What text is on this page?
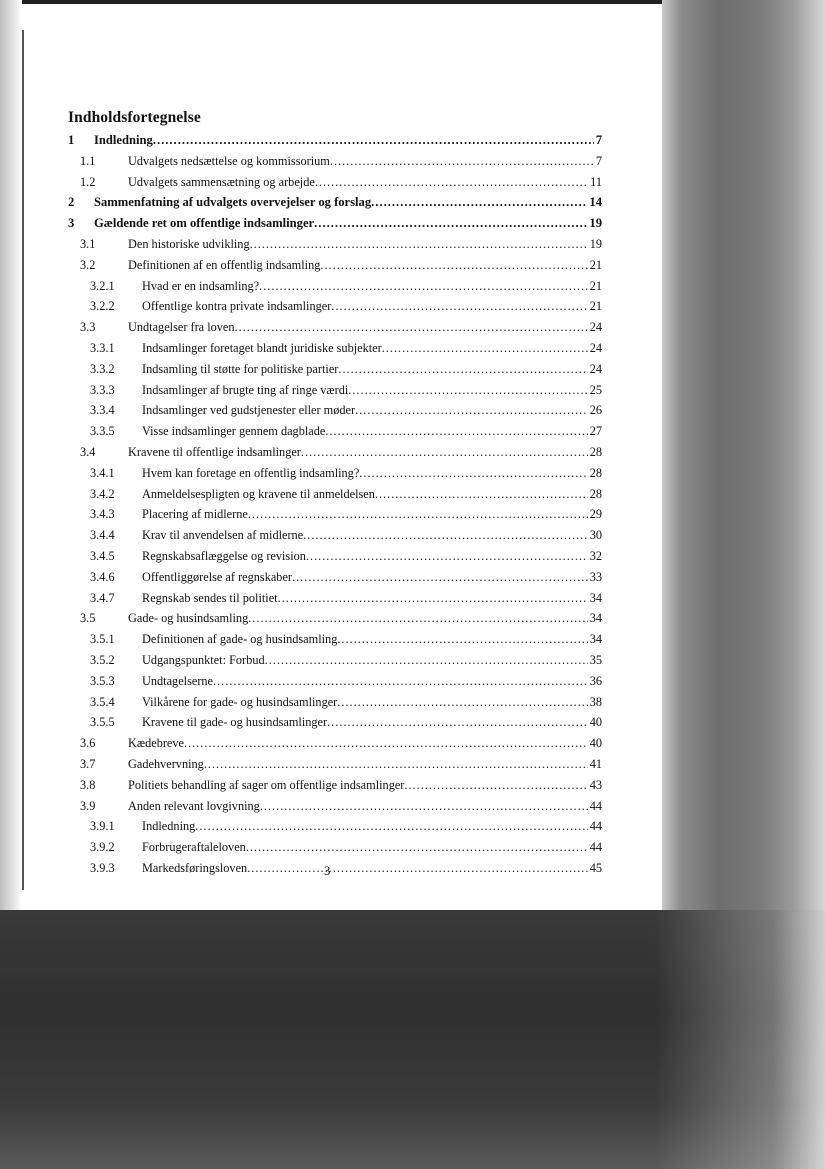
Indholdsfortegnelse
1 Indledning .....	7
1.1	Udvalgets nedsættelse og kommissorium .....	7
1.2	Udvalgets sammensætning og arbejde .....	11
2 Sammenfatning af udvalgets overvejelser og forslag .....	14
3 Gældende ret om offentlige indsamlinger .....	19
3.1	Den historiske udvikling .....	19
3.2	Definitionen af en offentlig indsamling .....	21
3.2.1 Hvad er en indsamling? .....	21
3.2.2 Offentlige kontra private indsamlinger .....	21
3.3	Undtagelser fra loven .....	24
3.3.1 Indsamlinger foretaget blandt juridiske subjekter .....	24
3.3.2 Indsamling til støtte for politiske partier .....	24
3.3.3 Indsamlinger af brugte ting af ringe værdi .....	25
3.3.4 Indsamlinger ved gudstjenester eller møder .....	26
3.3.5 Visse indsamlinger gennem dagblade .....	27
3.4	Kravene til offentlige indsamlinger .....	28
3.4.1 Hvem kan foretage en offentlig indsamling? .....	28
3.4.2 Anmeldelsespligten og kravene til anmeldelsen .....	28
3.4.3 Placering af midlerne .....	29
3.4.4 Krav til anvendelsen af midlerne .....	30
3.4.5 Regnskabsaflæggelse og revision .....	32
3.4.6 Offentliggørelse af regnskaber .....	33
3.4.7 Regnskab sendes til politiet .....	34
3.5	Gade- og husindsamling .....	34
3.5.1 Definitionen af gade- og husindsamling .....	34
3.5.2 Udgangspunktet: Forbud .....	35
3.5.3 Undtagelserne .....	36
3.5.4 Vilkårene for gade- og husindsamlinger .....	38
3.5.5 Kravene til gade- og husindsamlinger .....	40
3.6	Kædebreve .....	40
3.7	Gadehvervning .....	41
3.8	Politiets behandling af sager om offentlige indsamlinger .....	43
3.9	Anden relevant lovgivning .....	44
3.9.1 Indledning .....	44
3.9.2 Forbrugeraftaleloven .....	44
3.9.3 Markedsføringsloven .....	45
3
